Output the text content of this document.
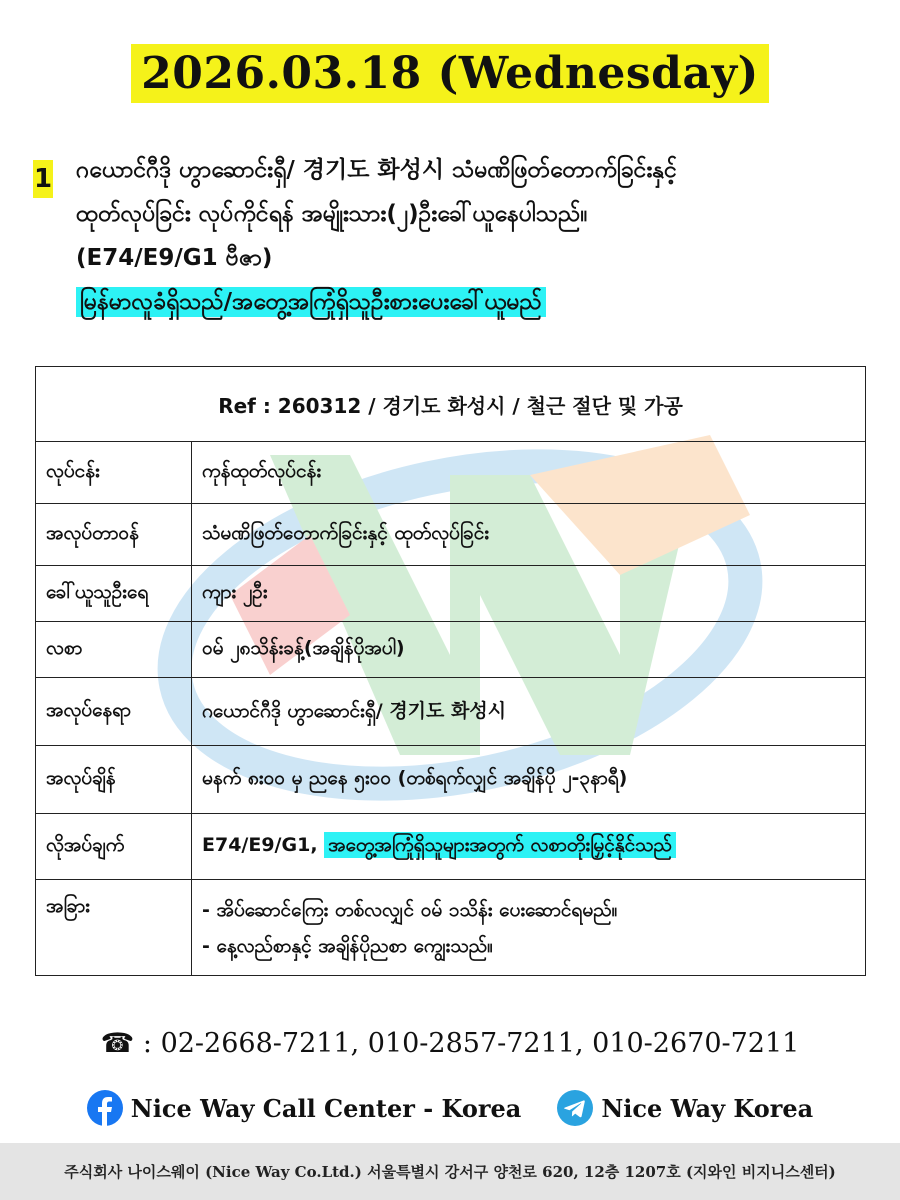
2026.03.18 (Wednesday)
1 ဂယောင်ဂီဒို ဟွာဆောင်းရှီ/ 경기도 화성시 သံမဏိဖြတ်တောက်ခြင်းနှင့်
ထုတ်လုပ်ခြင်း လုပ်ကိုင်ရန် အမျိုးသား(၂)ဦးခေါ်ယူနေပါသည်။
(E74/E9/G1 ဗီဇာ)
မြန်မာလူခံရှိသည်/အတွေ့အကြုံရှိသူဦးစားပေးခေါ်ယူမည်
Ref : 260312 / 경기도 화성시 / 철근 절단 및 가공	
လုပ်ငန်း	ကုန်ထုတ်လုပ်ငန်း
အလုပ်တာဝန်	သံမဏိဖြတ်တောက်ခြင်းနှင့် ထုတ်လုပ်ခြင်း
ခေါ်ယူသူဦးရေ	ကျား ၂ဦး
လစာ	ဝမ် ၂၈သိန်းခန့်(အချိန်ပိုအပါ)
အလုပ်နေရာ	ဂယောင်ဂီဒို ဟွာဆောင်းရှီ/ 경기도 화성시
အလုပ်ချိန်	မနက် ၈း၀၀ မှ ညနေ ၅း၀၀ (တစ်ရက်လျှင် အချိန်ပို ၂-၃နာရီ)
လိုအပ်ချက်	E74/E9/G1, အတွေ့အကြုံရှိသူများအတွက် လစာတိုးမြှင့်နိုင်သည်
အခြား	- အိပ်ဆောင်ကြေး တစ်လလျှင် ဝမ် ၁သိန်း ပေးဆောင်ရမည်။
- နေ့လည်စာနှင့် အချိန်ပိုညစာ ကျွေးသည်။
☎ : 02-2668-7211, 010-2857-7211, 010-2670-7211
Nice Way Call Center - Korea	Nice Way Korea
주식회사 나이스웨이 (Nice Way Co.Ltd.) 서울특별시 강서구 양천로 620, 12층 1207호 (지와인 비지니스센터)
